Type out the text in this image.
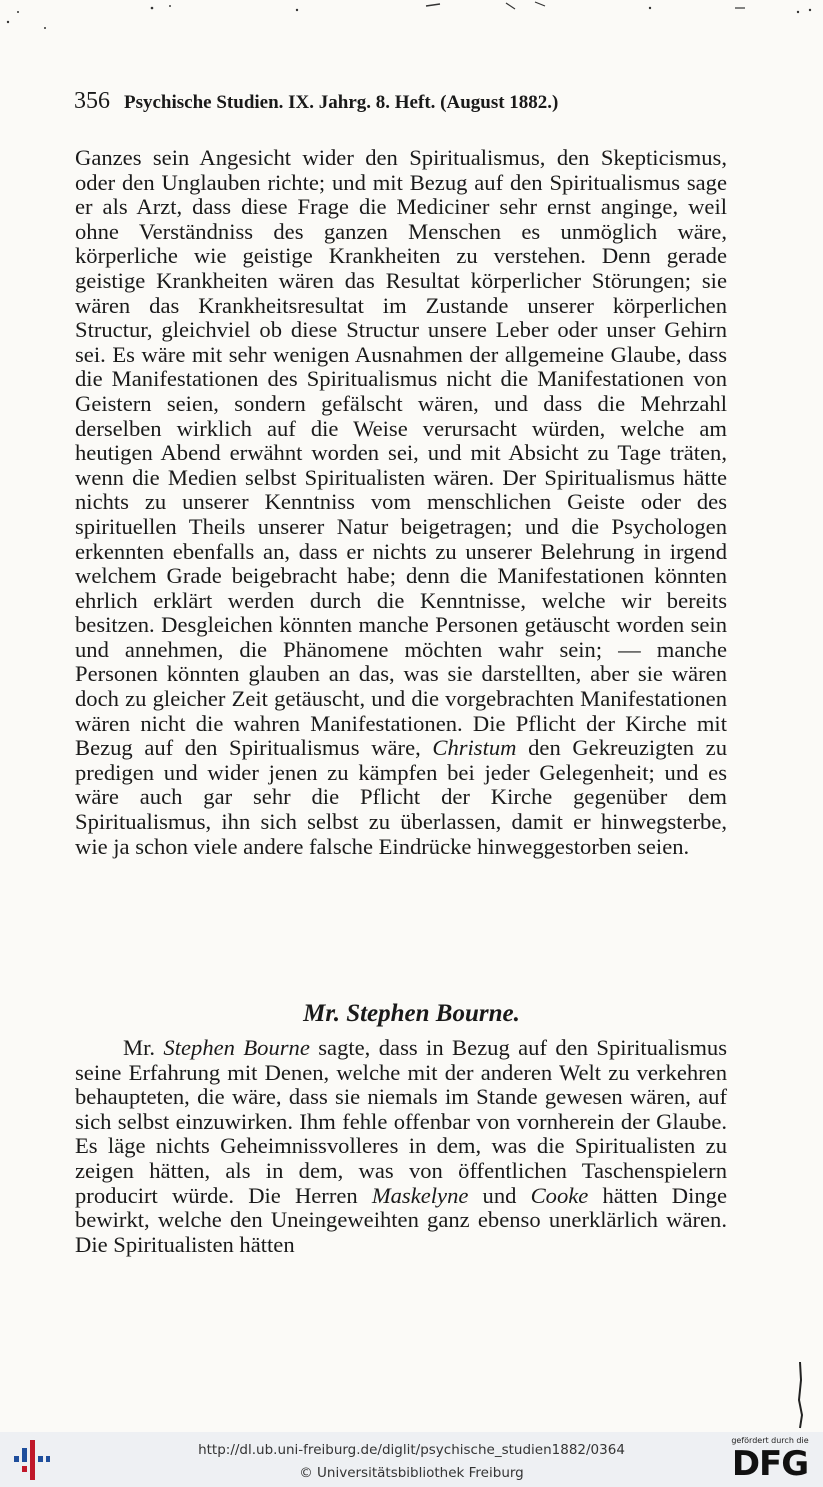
356 Psychische Studien. IX. Jahrg. 8. Heft. (August 1882.)
Ganzes sein Angesicht wider den Spiritualismus, den Skepticismus, oder den Unglauben richte; und mit Bezug auf den Spiritualismus sage er als Arzt, dass diese Frage die Mediciner sehr ernst anginge, weil ohne Verständniss des ganzen Menschen es unmöglich wäre, körperliche wie geistige Krankheiten zu verstehen. Denn gerade geistige Krankheiten wären das Resultat körperlicher Störungen; sie wären das Krankheitsresultat im Zustande unserer körperlichen Structur, gleichviel ob diese Structur unsere Leber oder unser Gehirn sei. Es wäre mit sehr wenigen Ausnahmen der allgemeine Glaube, dass die Manifestationen des Spiritualismus nicht die Manifestationen von Geistern seien, sondern gefälscht wären, und dass die Mehrzahl derselben wirklich auf die Weise verursacht würden, welche am heutigen Abend erwähnt worden sei, und mit Absicht zu Tage träten, wenn die Medien selbst Spiritualisten wären. Der Spiritualismus hätte nichts zu unserer Kenntniss vom menschlichen Geiste oder des spirituellen Theils unserer Natur beigetragen; und die Psychologen erkennten ebenfalls an, dass er nichts zu unserer Belehrung in irgend welchem Grade beigebracht habe; denn die Manifestationen könnten ehrlich erklärt werden durch die Kenntnisse, welche wir bereits besitzen. Desgleichen könnten manche Personen getäuscht worden sein und annehmen, die Phänomene möchten wahr sein; — manche Personen könnten glauben an das, was sie darstellten, aber sie wären doch zu gleicher Zeit getäuscht, und die vorgebrachten Manifestationen wären nicht die wahren Manifestationen. Die Pflicht der Kirche mit Bezug auf den Spiritualismus wäre, Christum den Gekreuzigten zu predigen und wider jenen zu kämpfen bei jeder Gelegenheit; und es wäre auch gar sehr die Pflicht der Kirche gegenüber dem Spiritualismus, ihn sich selbst zu überlassen, damit er hinwegsterbe, wie ja schon viele andere falsche Eindrücke hinweggestorben seien.
Mr. Stephen Bourne.
Mr. Stephen Bourne sagte, dass in Bezug auf den Spiritualismus seine Erfahrung mit Denen, welche mit der anderen Welt zu verkehren behaupteten, die wäre, dass sie niemals im Stande gewesen wären, auf sich selbst einzuwirken. Ihm fehle offenbar von vornherein der Glaube. Es läge nichts Geheimnissvolleres in dem, was die Spiritualisten zu zeigen hätten, als in dem, was von öffentlichen Taschenspielern producirt würde. Die Herren Maskelyne und Cooke hätten Dinge bewirkt, welche den Uneingeweihten ganz ebenso unerklärlich wären. Die Spiritualisten hätten
http://dl.ub.uni-freiburg.de/diglit/psychische_studien1882/0364
© Universitätsbibliothek Freiburg
gefördert durch die
DFG
